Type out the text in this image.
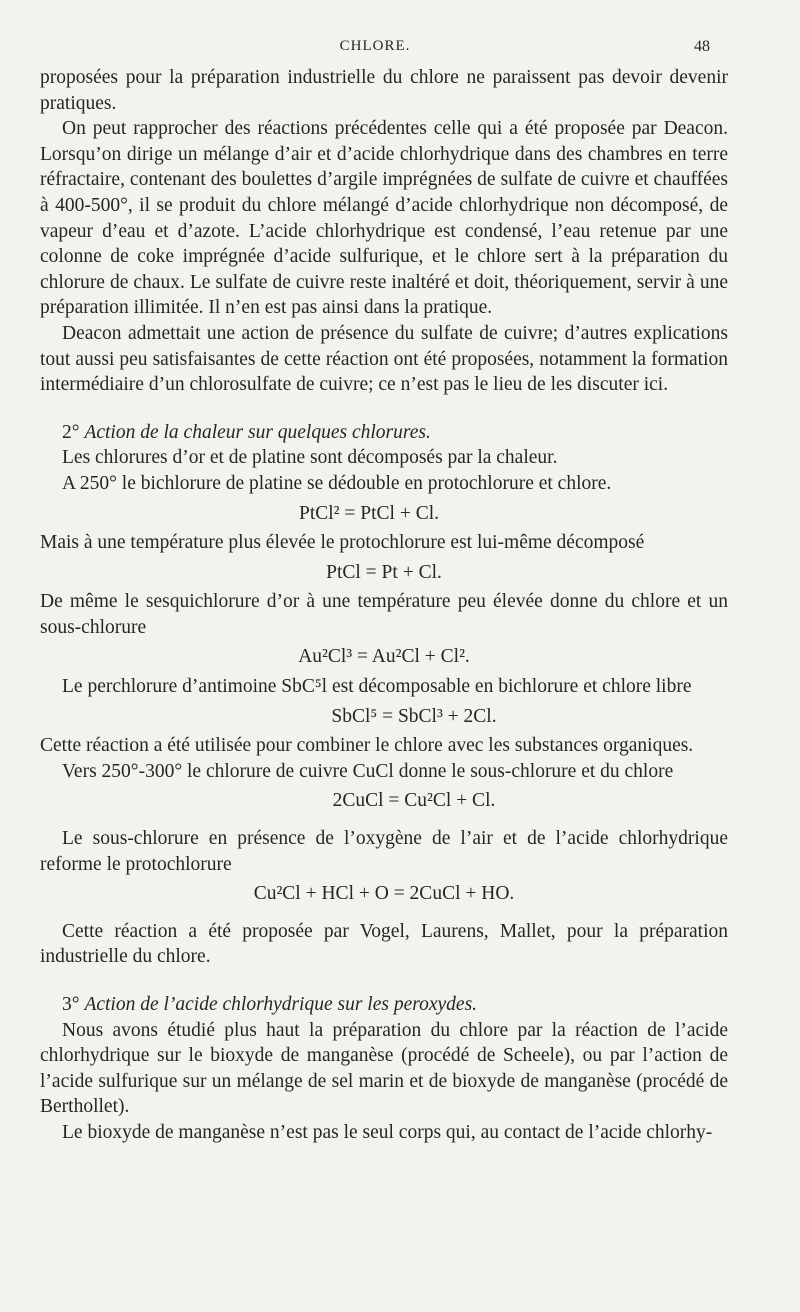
CHLORE.	48

proposées pour la préparation industrielle du chlore ne paraissent pas devoir devenir pratiques.

On peut rapprocher des réactions précédentes celle qui a été proposée par Deacon. Lorsqu’on dirige un mélange d’air et d’acide chlorhydrique dans des chambres en terre réfractaire, contenant des boulettes d’argile imprégnées de sulfate de cuivre et chauffées à 400-500°, il se produit du chlore mélangé d’acide chlorhydrique non décomposé, de vapeur d’eau et d’azote. L’acide chlorhydrique est condensé, l’eau retenue par une colonne de coke imprégnée d’acide sulfurique, et le chlore sert à la préparation du chlorure de chaux. Le sulfate de cuivre reste inaltéré et doit, théoriquement, servir à une préparation illimitée. Il n’en est pas ainsi dans la pratique.

Deacon admettait une action de présence du sulfate de cuivre; d’autres explications tout aussi peu satisfaisantes de cette réaction ont été proposées, notamment la formation intermédiaire d’un chlorosulfate de cuivre; ce n’est pas le lieu de les discuter ici.

2° Action de la chaleur sur quelques chlorures.

Les chlorures d’or et de platine sont décomposés par la chaleur.

A 250° le bichlorure de platine se dédouble en protochlorure et chlore.

PtCl² = PtCl + Cl.

Mais à une température plus élevée le protochlorure est lui-même décomposé

PtCl = Pt + Cl.

De même le sesquichlorure d’or à une température peu élevée donne du chlore et un sous-chlorure

Au²Cl³ = Au²Cl + Cl².

Le perchlorure d’antimoine SbC⁵l est décomposable en bichlorure et chlore libre

SbCl⁵ = SbCl³ + 2Cl.

Cette réaction a été utilisée pour combiner le chlore avec les substances organiques.

Vers 250°-300° le chlorure de cuivre CuCl donne le sous-chlorure et du chlore

2CuCl = Cu²Cl + Cl.

Le sous-chlorure en présence de l’oxygène de l’air et de l’acide chlorhydrique reforme le protochlorure

Cu²Cl + HCl + O = 2CuCl + HO.

Cette réaction a été proposée par Vogel, Laurens, Mallet, pour la préparation industrielle du chlore.

3° Action de l’acide chlorhydrique sur les peroxydes.

Nous avons étudié plus haut la préparation du chlore par la réaction de l’acide chlorhydrique sur le bioxyde de manganèse (procédé de Scheele), ou par l’action de l’acide sulfurique sur un mélange de sel marin et de bioxyde de manganèse (procédé de Berthollet).

Le bioxyde de manganèse n’est pas le seul corps qui, au contact de l’acide chlorhy-
